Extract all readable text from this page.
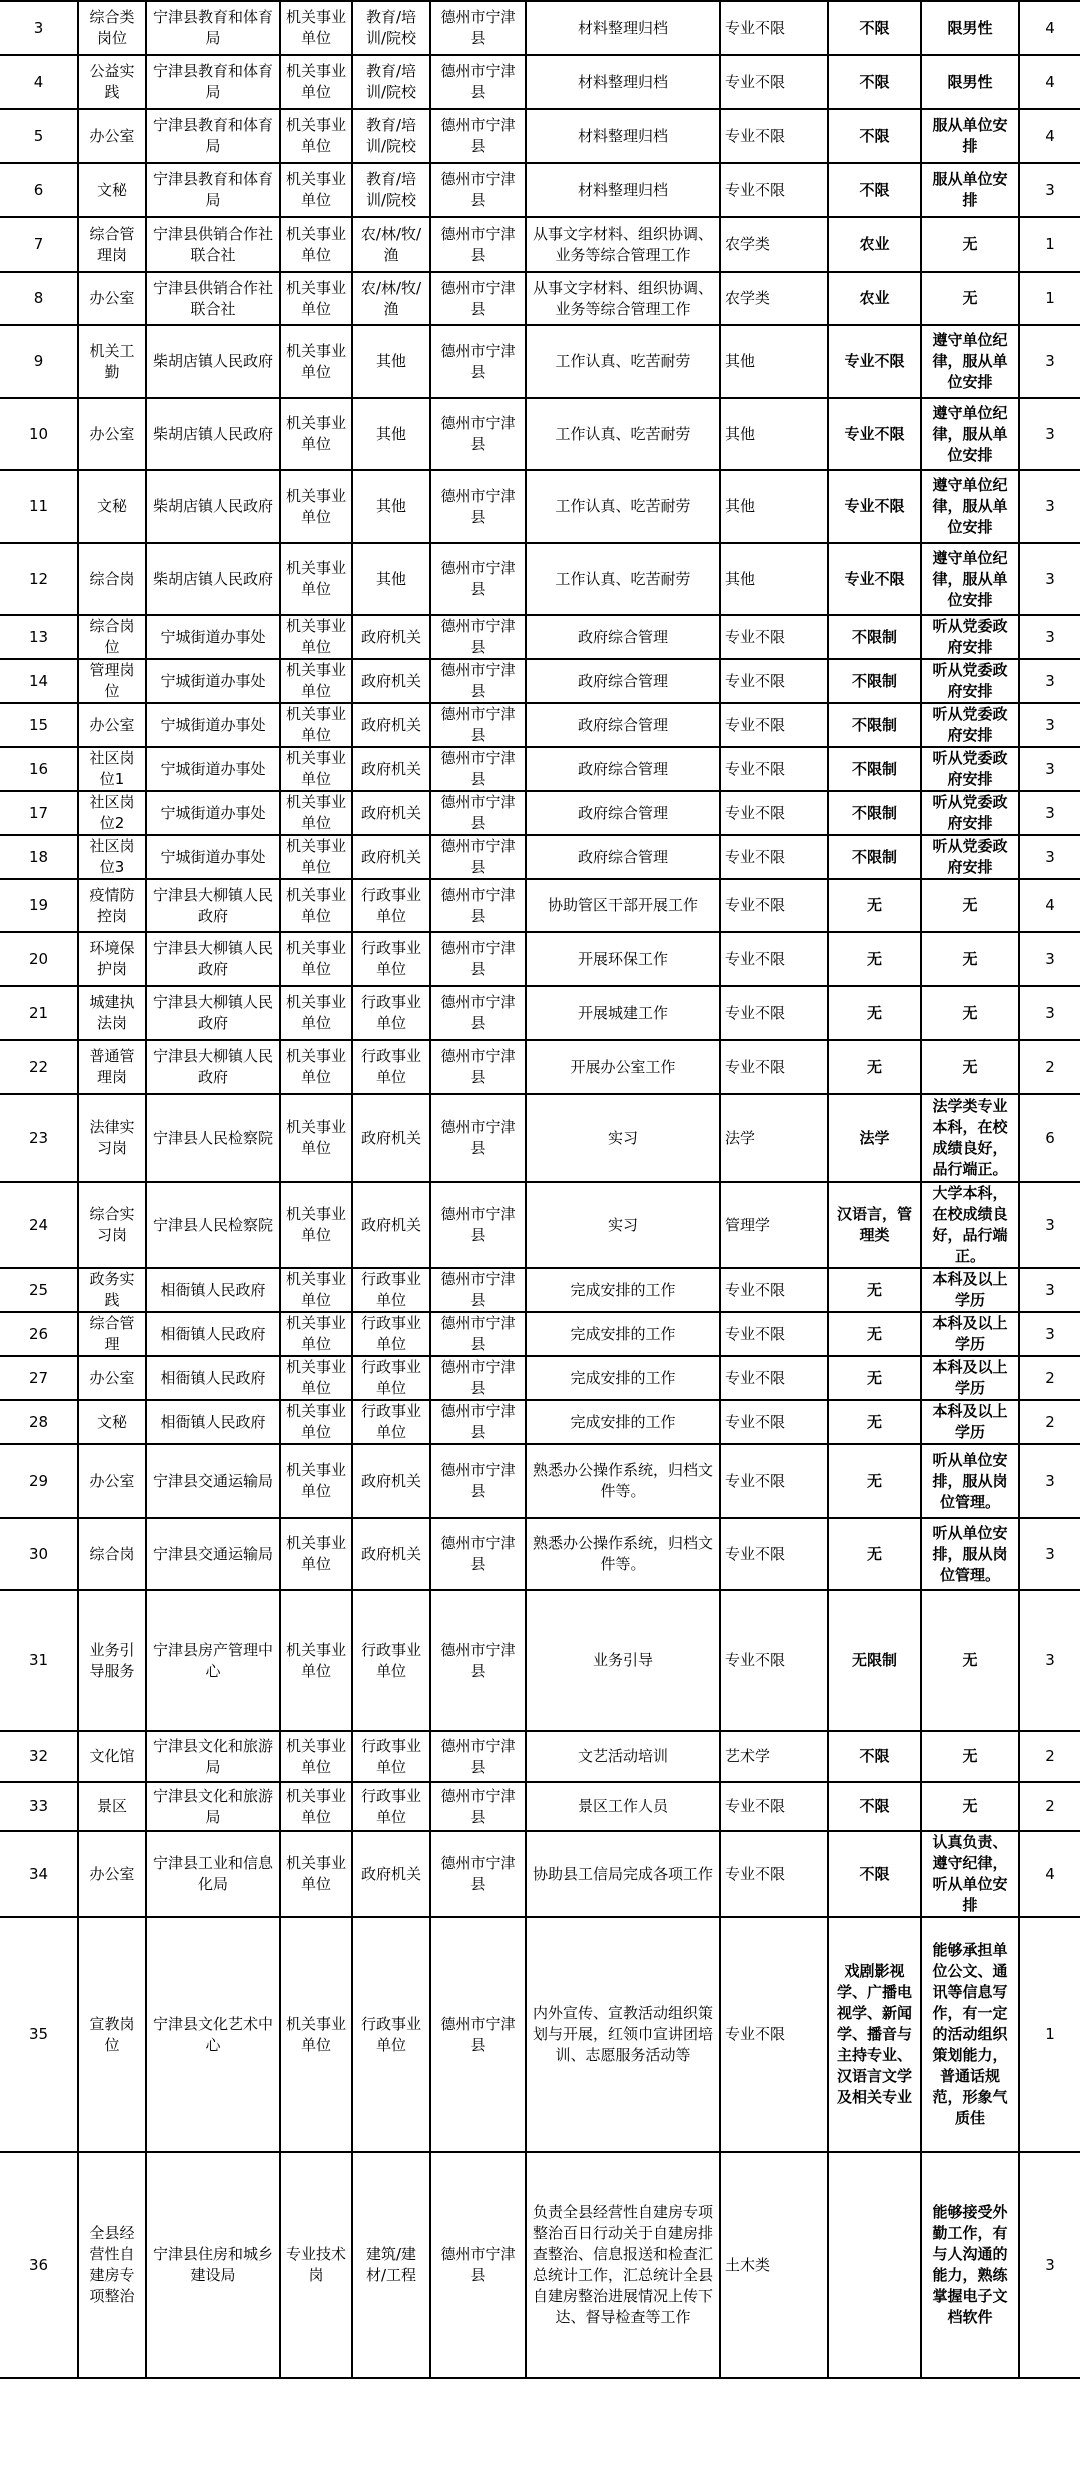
3	综合类岗位	宁津县教育和体育局	机关事业单位	教育/培训/院校	德州市宁津县	材料整理归档	专业不限	不限	限男性	4
4	公益实践	宁津县教育和体育局	机关事业单位	教育/培训/院校	德州市宁津县	材料整理归档	专业不限	不限	限男性	4
5	办公室	宁津县教育和体育局	机关事业单位	教育/培训/院校	德州市宁津县	材料整理归档	专业不限	不限	服从单位安排	4
6	文秘	宁津县教育和体育局	机关事业单位	教育/培训/院校	德州市宁津县	材料整理归档	专业不限	不限	服从单位安排	3
7	综合管理岗	宁津县供销合作社联合社	机关事业单位	农/林/牧/渔	德州市宁津县	从事文字材料、组织协调、业务等综合管理工作	农学类	农业	无	1
8	办公室	宁津县供销合作社联合社	机关事业单位	农/林/牧/渔	德州市宁津县	从事文字材料、组织协调、业务等综合管理工作	农学类	农业	无	1
9	机关工勤	柴胡店镇人民政府	机关事业单位	其他	德州市宁津县	工作认真、吃苦耐劳	其他	专业不限	遵守单位纪律，服从单位安排	3
10	办公室	柴胡店镇人民政府	机关事业单位	其他	德州市宁津县	工作认真、吃苦耐劳	其他	专业不限	遵守单位纪律，服从单位安排	3
11	文秘	柴胡店镇人民政府	机关事业单位	其他	德州市宁津县	工作认真、吃苦耐劳	其他	专业不限	遵守单位纪律，服从单位安排	3
12	综合岗	柴胡店镇人民政府	机关事业单位	其他	德州市宁津县	工作认真、吃苦耐劳	其他	专业不限	遵守单位纪律，服从单位安排	3
13	综合岗位	宁城街道办事处	机关事业单位	政府机关	德州市宁津县	政府综合管理	专业不限	不限制	听从党委政府安排	3
14	管理岗位	宁城街道办事处	机关事业单位	政府机关	德州市宁津县	政府综合管理	专业不限	不限制	听从党委政府安排	3
15	办公室	宁城街道办事处	机关事业单位	政府机关	德州市宁津县	政府综合管理	专业不限	不限制	听从党委政府安排	3
16	社区岗位1	宁城街道办事处	机关事业单位	政府机关	德州市宁津县	政府综合管理	专业不限	不限制	听从党委政府安排	3
17	社区岗位2	宁城街道办事处	机关事业单位	政府机关	德州市宁津县	政府综合管理	专业不限	不限制	听从党委政府安排	3
18	社区岗位3	宁城街道办事处	机关事业单位	政府机关	德州市宁津县	政府综合管理	专业不限	不限制	听从党委政府安排	3
19	疫情防控岗	宁津县大柳镇人民政府	机关事业单位	行政事业单位	德州市宁津县	协助管区干部开展工作	专业不限	无	无	4
20	环境保护岗	宁津县大柳镇人民政府	机关事业单位	行政事业单位	德州市宁津县	开展环保工作	专业不限	无	无	3
21	城建执法岗	宁津县大柳镇人民政府	机关事业单位	行政事业单位	德州市宁津县	开展城建工作	专业不限	无	无	3
22	普通管理岗	宁津县大柳镇人民政府	机关事业单位	行政事业单位	德州市宁津县	开展办公室工作	专业不限	无	无	2
23	法律实习岗	宁津县人民检察院	机关事业单位	政府机关	德州市宁津县	实习	法学	法学	法学类专业本科，在校成绩良好，品行端正。	6
24	综合实习岗	宁津县人民检察院	机关事业单位	政府机关	德州市宁津县	实习	管理学	汉语言，管理类	大学本科，在校成绩良好，品行端正。	3
25	政务实践	相衙镇人民政府	机关事业单位	行政事业单位	德州市宁津县	完成安排的工作	专业不限	无	本科及以上学历	3
26	综合管理	相衙镇人民政府	机关事业单位	行政事业单位	德州市宁津县	完成安排的工作	专业不限	无	本科及以上学历	3
27	办公室	相衙镇人民政府	机关事业单位	行政事业单位	德州市宁津县	完成安排的工作	专业不限	无	本科及以上学历	2
28	文秘	相衙镇人民政府	机关事业单位	行政事业单位	德州市宁津县	完成安排的工作	专业不限	无	本科及以上学历	2
29	办公室	宁津县交通运输局	机关事业单位	政府机关	德州市宁津县	熟悉办公操作系统，归档文件等。	专业不限	无	听从单位安排，服从岗位管理。	3
30	综合岗	宁津县交通运输局	机关事业单位	政府机关	德州市宁津县	熟悉办公操作系统，归档文件等。	专业不限	无	听从单位安排，服从岗位管理。	3
31	业务引导服务	宁津县房产管理中心	机关事业单位	行政事业单位	德州市宁津县	业务引导	专业不限	无限制	无	3
32	文化馆	宁津县文化和旅游局	机关事业单位	行政事业单位	德州市宁津县	文艺活动培训	艺术学	不限	无	2
33	景区	宁津县文化和旅游局	机关事业单位	行政事业单位	德州市宁津县	景区工作人员	专业不限	不限	无	2
34	办公室	宁津县工业和信息化局	机关事业单位	政府机关	德州市宁津县	协助县工信局完成各项工作	专业不限	不限	认真负责、遵守纪律，听从单位安排	4
35	宣教岗位	宁津县文化艺术中心	机关事业单位	行政事业单位	德州市宁津县	内外宣传、宣教活动组织策划与开展，红领巾宣讲团培训、志愿服务活动等	专业不限	戏剧影视学、广播电视学、新闻学、播音与主持专业、汉语言文学及相关专业	能够承担单位公文、通讯等信息写作，有一定的活动组织策划能力，普通话规范，形象气质佳	1
36	全县经营性自建房专项整治	宁津县住房和城乡建设局	专业技术岗	建筑/建材/工程	德州市宁津县	负责全县经营性自建房专项整治百日行动关于自建房排查整治、信息报送和检查汇总统计工作，汇总统计全县自建房整治进展情况上传下达、督导检查等工作	土木类		能够接受外勤工作，有与人沟通的能力，熟练掌握电子文档软件	3
